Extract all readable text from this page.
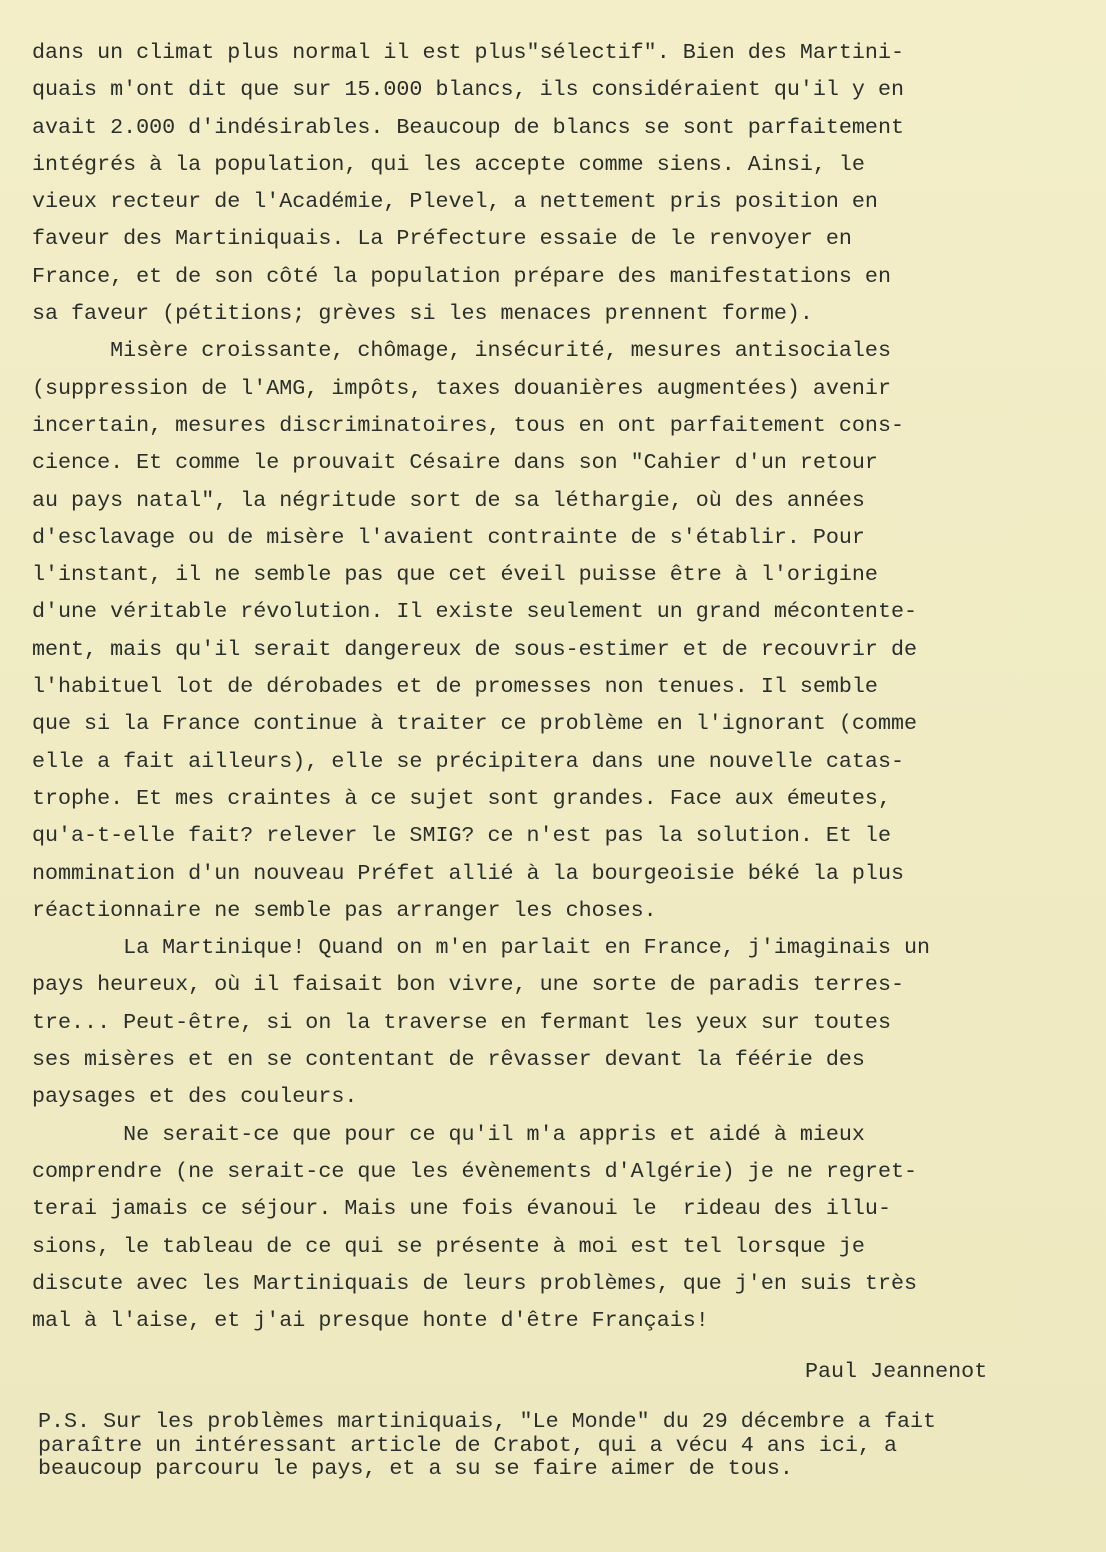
dans un climat plus normal il est plus"sélectif". Bien des Martini-
quais m'ont dit que sur 15.000 blancs, ils considéraient qu'il y en
avait 2.000 d'indésirables. Beaucoup de blancs se sont parfaitement
intégrés à la population, qui les accepte comme siens. Ainsi, le
vieux recteur de l'Académie, Plevel, a nettement pris position en
faveur des Martiniquais. La Préfecture essaie de le renvoyer en
France, et de son côté la population prépare des manifestations en
sa faveur (pétitions; grèves si les menaces prennent forme).
Misère croissante, chômage, insécurité, mesures antisociales
(suppression de l'AMG, impôts, taxes douanières augmentées) avenir
incertain, mesures discriminatoires, tous en ont parfaitement cons-
cience. Et comme le prouvait Césaire dans son "Cahier d'un retour
au pays natal", la négritude sort de sa léthargie, où des années
d'esclavage ou de misère l'avaient contrainte de s'établir. Pour
l'instant, il ne semble pas que cet éveil puisse être à l'origine
d'une véritable révolution. Il existe seulement un grand mécontente-
ment, mais qu'il serait dangereux de sous-estimer et de recouvrir de
l'habituel lot de dérobades et de promesses non tenues. Il semble
que si la France continue à traiter ce problème en l'ignorant (comme
elle a fait ailleurs), elle se précipitera dans une nouvelle catas-
trophe. Et mes craintes à ce sujet sont grandes. Face aux émeutes,
qu'a-t-elle fait? relever le SMIG? ce n'est pas la solution. Et le
nommination d'un nouveau Préfet allié à la bourgeoisie béké la plus
réactionnaire ne semble pas arranger les choses.
La Martinique! Quand on m'en parlait en France, j'imaginais un
pays heureux, où il faisait bon vivre, une sorte de paradis terres-
tre... Peut-être, si on la traverse en fermant les yeux sur toutes
ses misères et en se contentant de rêvasser devant la féérie des
paysages et des couleurs.
Ne serait-ce que pour ce qu'il m'a appris et aidé à mieux
comprendre (ne serait-ce que les évènements d'Algérie) je ne regret-
terai jamais ce séjour. Mais une fois évanoui le  rideau des illu-
sions, le tableau de ce qui se présente à moi est tel lorsque je
discute avec les Martiniquais de leurs problèmes, que j'en suis très
mal à l'aise, et j'ai presque honte d'être Français!
Paul Jeannenot
P.S. Sur les problèmes martiniquais, "Le Monde" du 29 décembre a fait
paraître un intéressant article de Crabot, qui a vécu 4 ans ici, a
beaucoup parcouru le pays, et a su se faire aimer de tous.
